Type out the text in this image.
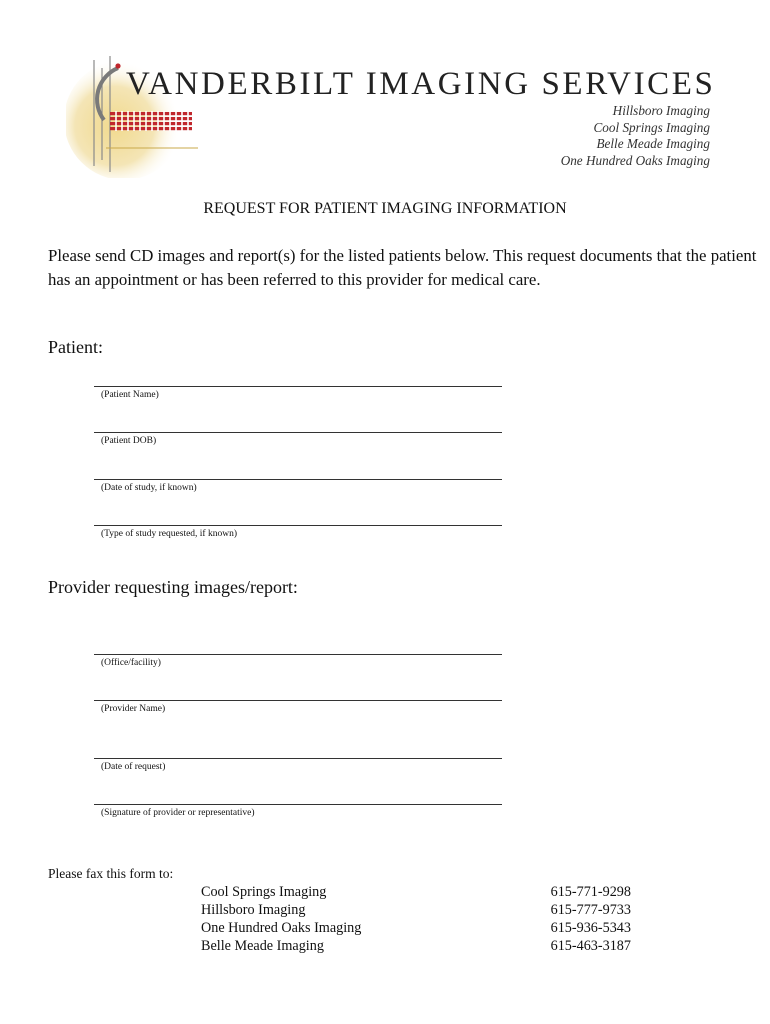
VANDERBILT IMAGING SERVICES
Hillsboro Imaging
Cool Springs Imaging
Belle Meade Imaging
One Hundred Oaks Imaging
REQUEST FOR PATIENT IMAGING INFORMATION
Please send CD images and report(s) for the listed patients below. This request documents that the patient has an appointment or has been referred to this provider for medical care.
Patient:
(Patient Name)
(Patient DOB)
(Date of study, if known)
(Type of study requested, if known)
Provider requesting images/report:
(Office/facility)
(Provider Name)
(Date of request)
(Signature of provider or representative)
Please fax this form to:
Cool Springs Imaging	615-771-9298
Hillsboro Imaging	615-777-9733
One Hundred Oaks Imaging	615-936-5343
Belle Meade Imaging	615-463-3187
